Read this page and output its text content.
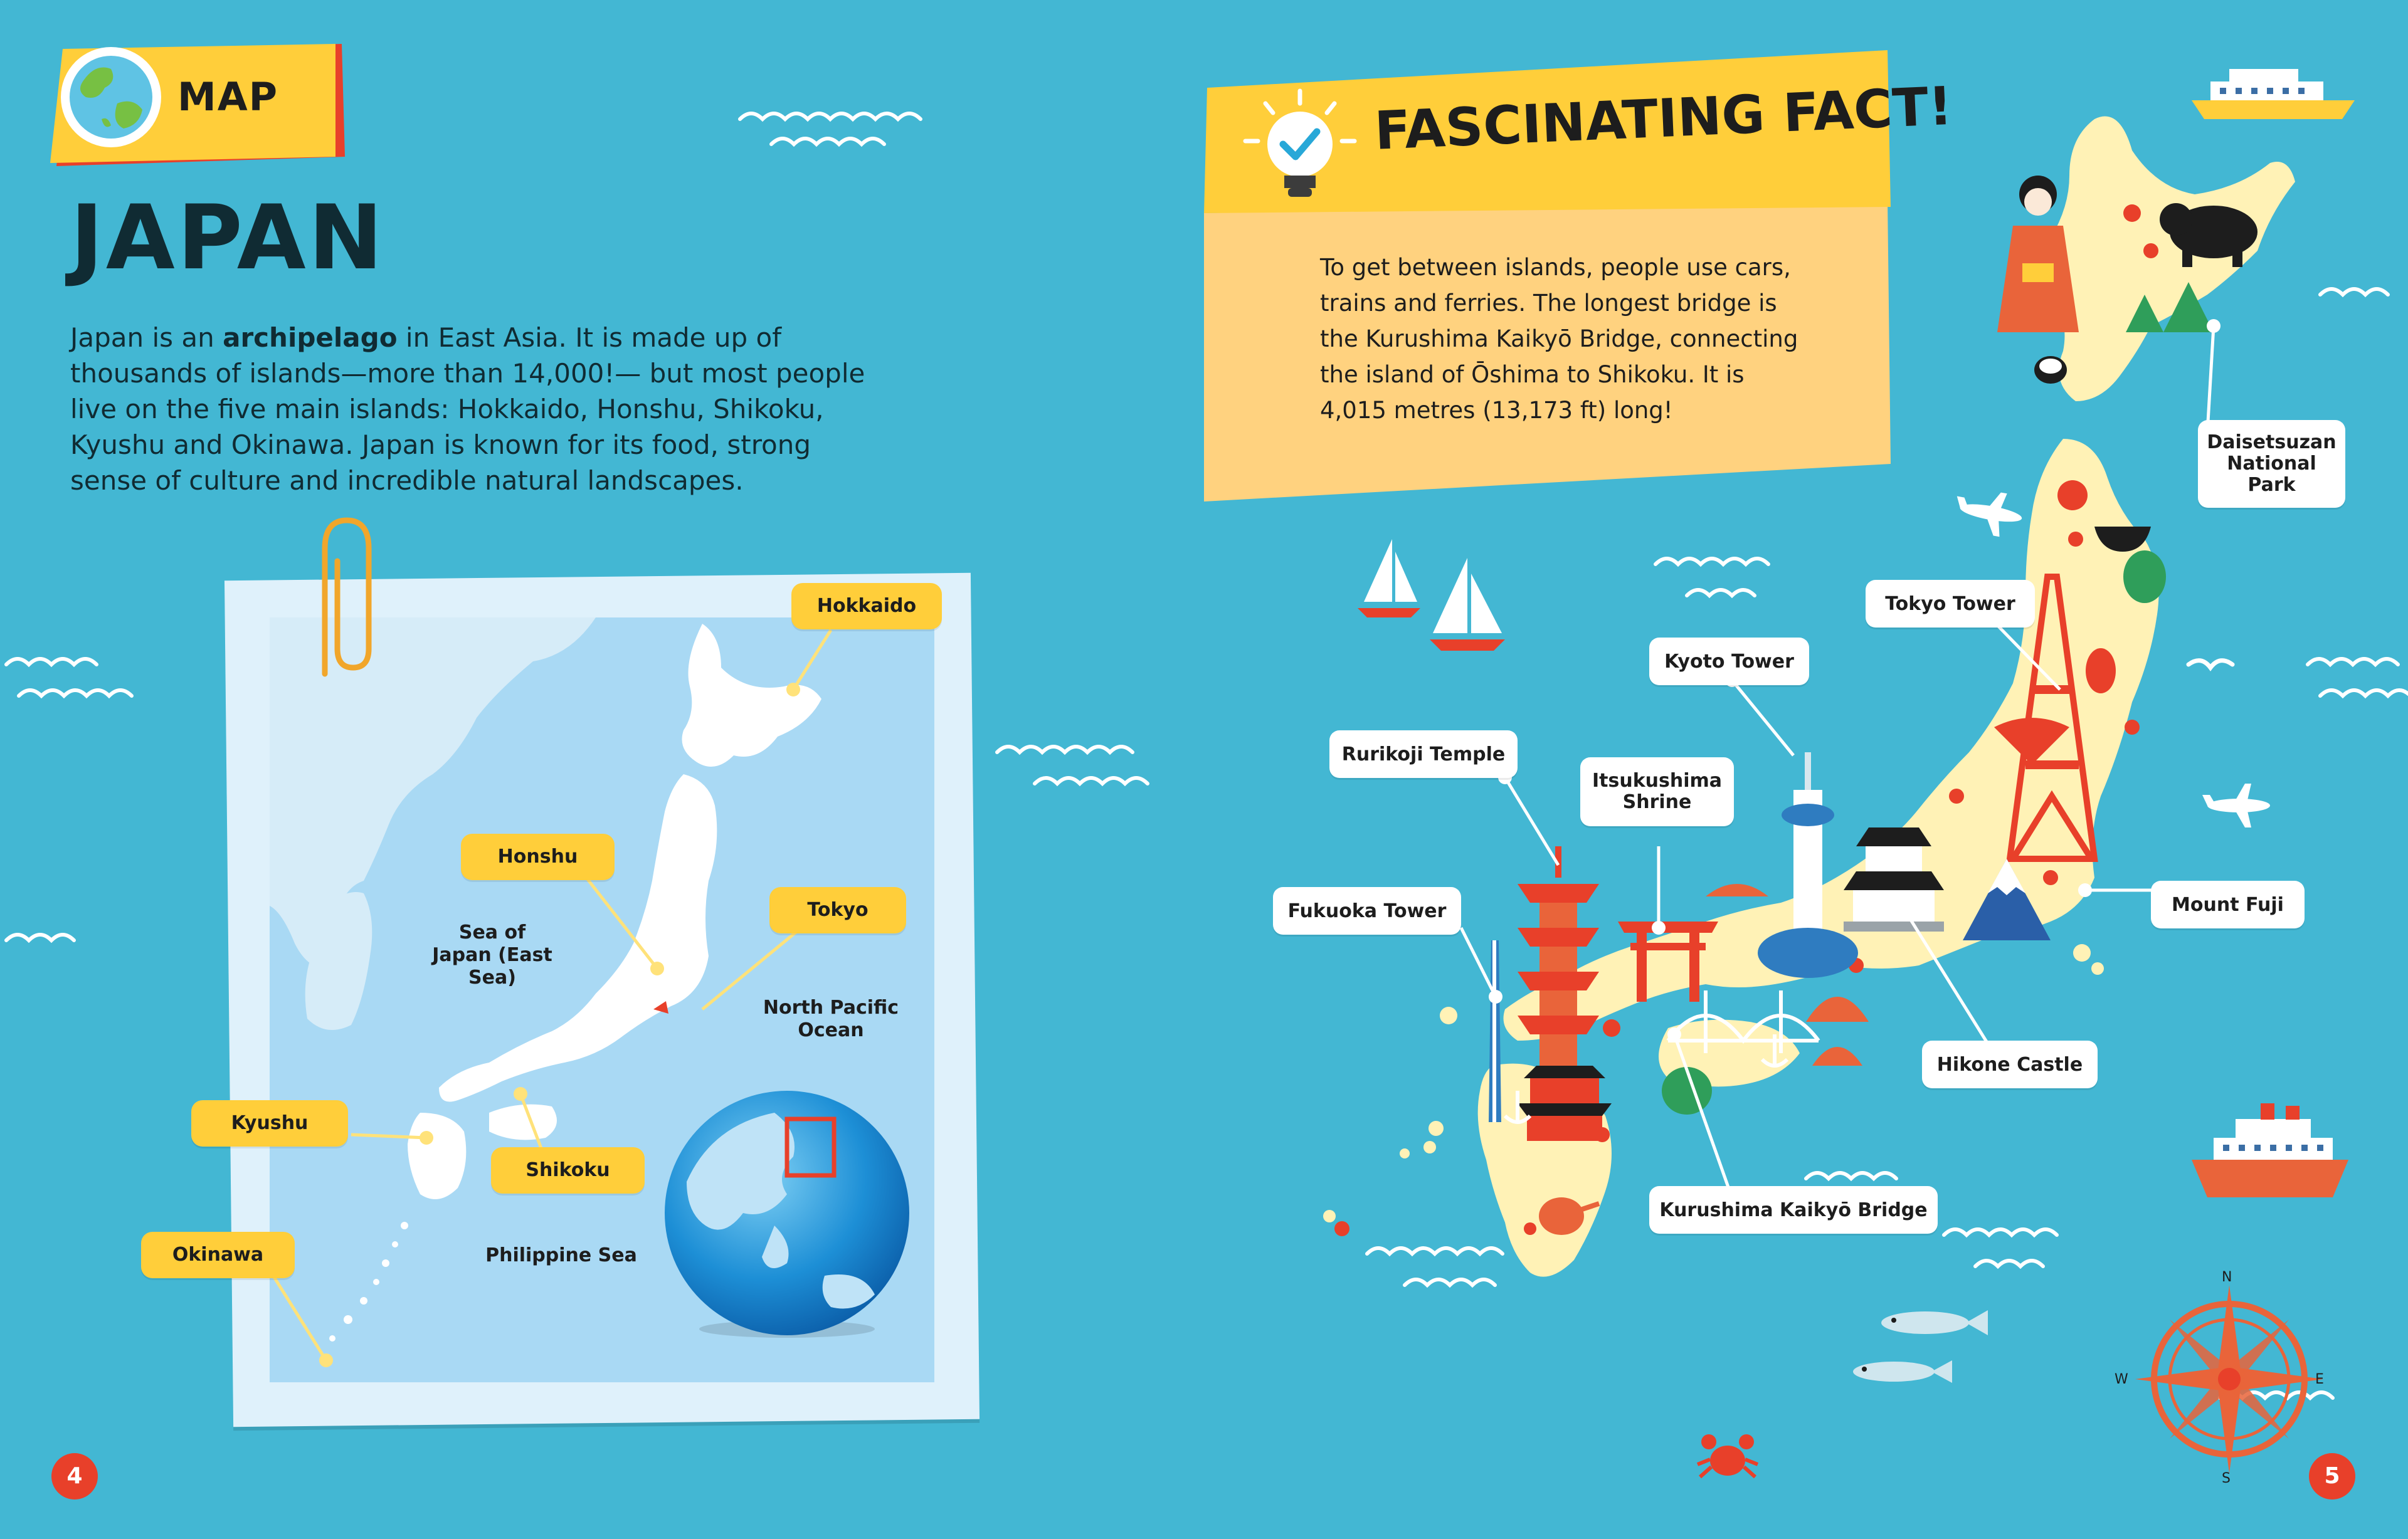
MAP
JAPAN
Japan is an archipelago in East Asia. It is made up of thousands of islands—more than 14,000!— but most people live on the five main islands: Hokkaido, Honshu, Shikoku, Kyushu and Okinawa. Japan is known for its food, strong sense of culture and incredible natural landscapes.
Hokkaido
Honshu
Tokyo
Kyushu
Shikoku
Okinawa
Sea of Japan (East Sea)
North Pacific Ocean
Philippine Sea
4
FASCINATING FACT!
To get between islands, people use cars, trains and ferries. The longest bridge is the Kurushima Kaikyō Bridge, connecting the island of Ōshima to Shikoku. It is 4,015 metres (13,173 ft) long!
Daisetsuzan National Park
Tokyo Tower
Kyoto Tower
Rurikoji Temple
Itsukushima Shrine
Fukuoka Tower	Mount Fuji
Hikone Castle
Kurushima Kaikyō Bridge
N
E
S
W
5
